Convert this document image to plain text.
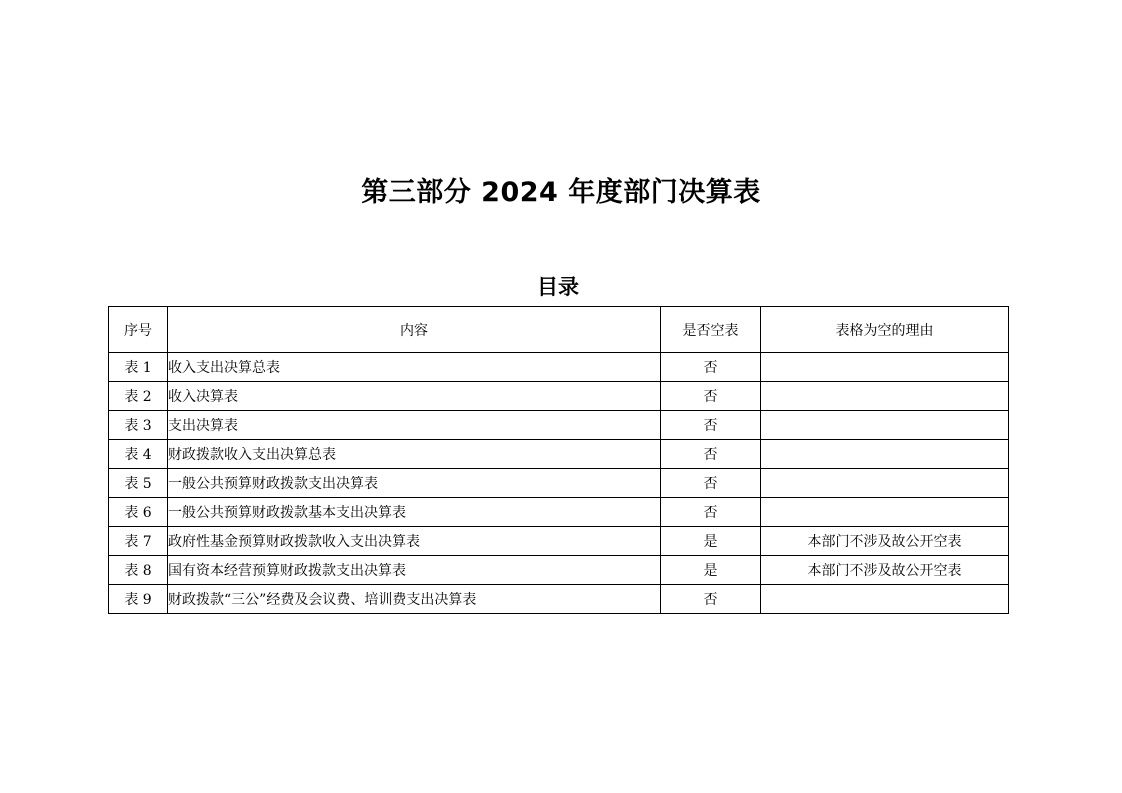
第三部分 2024 年度部门决算表
目录
序号	内容	是否空表	表格为空的理由
表 1	收入支出决算总表	否	
表 2	收入决算表	否	
表 3	支出决算表	否	
表 4	财政拨款收入支出决算总表	否	
表 5	一般公共预算财政拨款支出决算表	否	
表 6	一般公共预算财政拨款基本支出决算表	否	
表 7	政府性基金预算财政拨款收入支出决算表	是	本部门不涉及故公开空表
表 8	国有资本经营预算财政拨款支出决算表	是	本部门不涉及故公开空表
表 9	财政拨款“三公”经费及会议费、培训费支出决算表	否	
